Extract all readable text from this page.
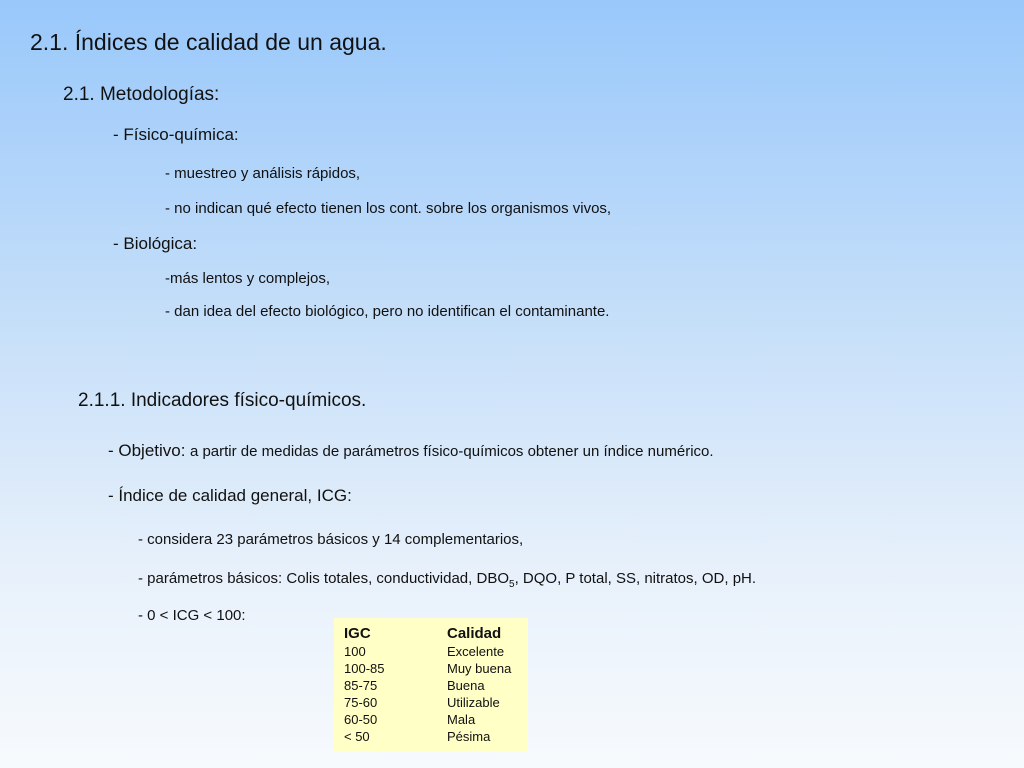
2.1. Índices de calidad de un agua.
2.1. Metodologías:
- Físico-química:
- muestreo y análisis rápidos,
- no indican qué efecto tienen los cont. sobre los organismos vivos,
- Biológica:
-más lentos y complejos,
- dan idea del efecto biológico, pero no identifican el contaminante.
2.1.1. Indicadores físico-químicos.
- Objetivo: a partir de medidas de parámetros físico-químicos obtener un índice numérico.
- Índice de calidad general, ICG:
- considera 23 parámetros básicos y 14 complementarios,
- parámetros básicos: Colis totales, conductividad, $DBO_5$, DQO, P total, SS, nitratos, OD, pH.
- 0 < ICG < 100:
IGC	Calidad
100	Excelente
100-85	Muy buena
85-75	Buena
75-60	Utilizable
60-50	Mala
< 50	Pésima
